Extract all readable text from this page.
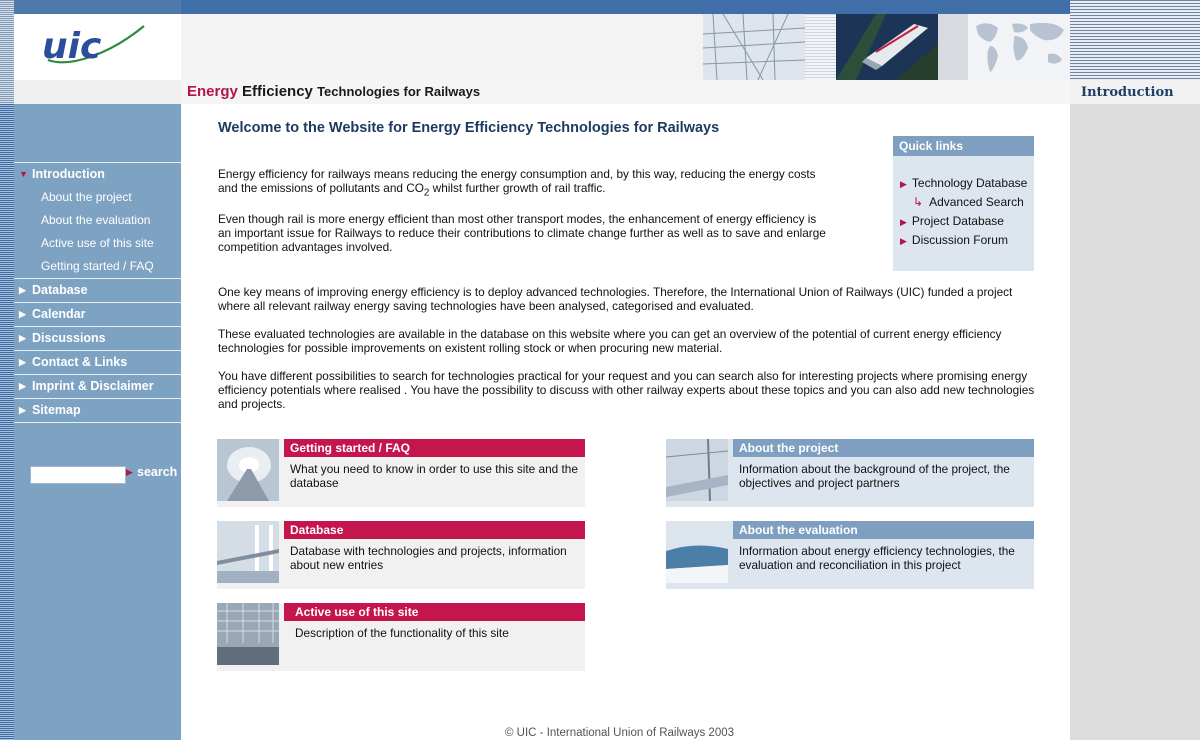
uic
Energy Efficiency Technologies for Railways	Introduction
▼ Introduction
About the project
About the evaluation
Active use of this site
Getting started / FAQ
▶ Database
▶ Calendar
▶ Discussions
▶ Contact & Links
▶ Imprint & Disclaimer
▶ Sitemap
▶ search
Welcome to the Website for Energy Efficiency Technologies for Railways
Energy efficiency for railways means reducing the energy consumption and, by this way, reducing the energy costs and the emissions of pollutants and $CO_2$ whilst further growth of rail traffic.
Even though rail is more energy efficient than most other transport modes, the enhancement of energy efficiency is an important issue for Railways to reduce their contributions to climate change further as well as to save and enlarge competition advantages involved.
One key means of improving energy efficiency is to deploy advanced technologies. Therefore, the International Union of Railways (UIC) funded a project where all relevant railway energy saving technologies have been analysed, categorised and evaluated.
These evaluated technologies are available in the database on this website where you can get an overview of the potential of current energy efficiency technologies for possible improvements on existent rolling stock or when procuring new material.
You have different possibilities to search for technologies practical for your request and you can search also for interesting projects where promising energy efficiency potentials where realised . You have the possibility to discuss with other railway experts about these topics and you can also add new technologies and projects.
Quick links
▶ Technology Database
↳ Advanced Search
▶ Project Database
▶ Discussion Forum
Getting started / FAQ
What you need to know in order to use this site and the database
About the project
Information about the background of the project, the objectives and project partners
Database
Database with technologies and projects, information about new entries
About the evaluation
Information about energy efficiency technologies, the evaluation and reconciliation in this project
Active use of this site
Description of the functionality of this site
© UIC - International Union of Railways 2003
